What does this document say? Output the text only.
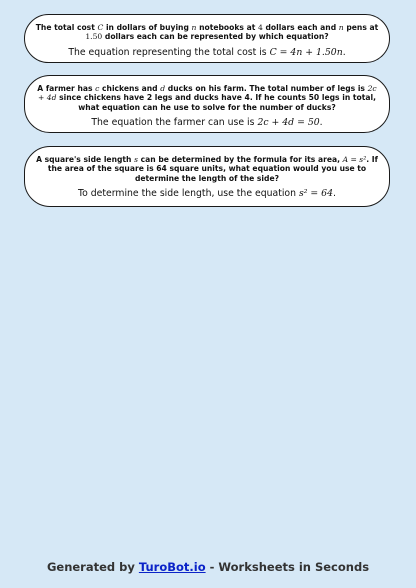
The total cost C in dollars of buying n notebooks at 4 dollars each and n pens at 1.50 dollars each can be represented by which equation?

The equation representing the total cost is C = 4n + 1.50n.

A farmer has c chickens and d ducks on his farm. The total number of legs is 2c + 4d since chickens have 2 legs and ducks have 4. If he counts 50 legs in total, what equation can he use to solve for the number of ducks?

The equation the farmer can use is 2c + 4d = 50.

A square's side length s can be determined by the formula for its area, A = s². If the area of the square is 64 square units, what equation would you use to determine the length of the side?

To determine the side length, use the equation s² = 64.

Generated by TuroBot.io - Worksheets in Seconds
